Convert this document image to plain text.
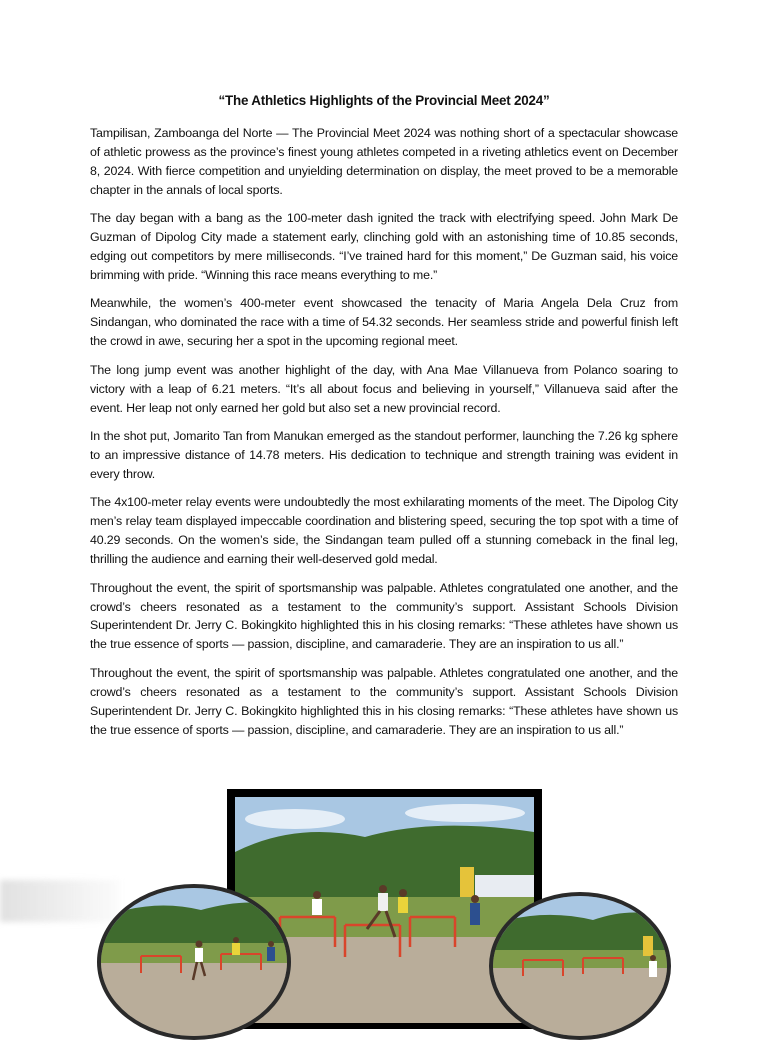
“The Athletics Highlights of the Provincial Meet 2024”

Tampilisan, Zamboanga del Norte — The Provincial Meet 2024 was nothing short of a spectacular showcase of athletic prowess as the province’s finest young athletes competed in a riveting athletics event on December 8, 2024. With fierce competition and unyielding determination on display, the meet proved to be a memorable chapter in the annals of local sports.

The day began with a bang as the 100-meter dash ignited the track with electrifying speed. John Mark De Guzman of Dipolog City made a statement early, clinching gold with an astonishing time of 10.85 seconds, edging out competitors by mere milliseconds. “I’ve trained hard for this moment,” De Guzman said, his voice brimming with pride. “Winning this race means everything to me.”

Meanwhile, the women’s 400-meter event showcased the tenacity of Maria Angela Dela Cruz from Sindangan, who dominated the race with a time of 54.32 seconds. Her seamless stride and powerful finish left the crowd in awe, securing her a spot in the upcoming regional meet.

The long jump event was another highlight of the day, with Ana Mae Villanueva from Polanco soaring to victory with a leap of 6.21 meters. “It’s all about focus and believing in yourself,” Villanueva said after the event. Her leap not only earned her gold but also set a new provincial record.

In the shot put, Jomarito Tan from Manukan emerged as the standout performer, launching the 7.26 kg sphere to an impressive distance of 14.78 meters. His dedication to technique and strength training was evident in every throw.

The 4x100-meter relay events were undoubtedly the most exhilarating moments of the meet. The Dipolog City men’s relay team displayed impeccable coordination and blistering speed, securing the top spot with a time of 40.29 seconds. On the women’s side, the Sindangan team pulled off a stunning comeback in the final leg, thrilling the audience and earning their well-deserved gold medal.

Throughout the event, the spirit of sportsmanship was palpable. Athletes congratulated one another, and the crowd’s cheers resonated as a testament to the community’s support. Assistant Schools Division Superintendent Dr. Jerry C. Bokingkito highlighted this in his closing remarks: “These athletes have shown us the true essence of sports — passion, discipline, and camaraderie. They are an inspiration to us all.”

Throughout the event, the spirit of sportsmanship was palpable. Athletes congratulated one another, and the crowd’s cheers resonated as a testament to the community’s support. Assistant Schools Division Superintendent Dr. Jerry C. Bokingkito highlighted this in his closing remarks: “These athletes have shown us the true essence of sports — passion, discipline, and camaraderie. They are an inspiration to us all.”
